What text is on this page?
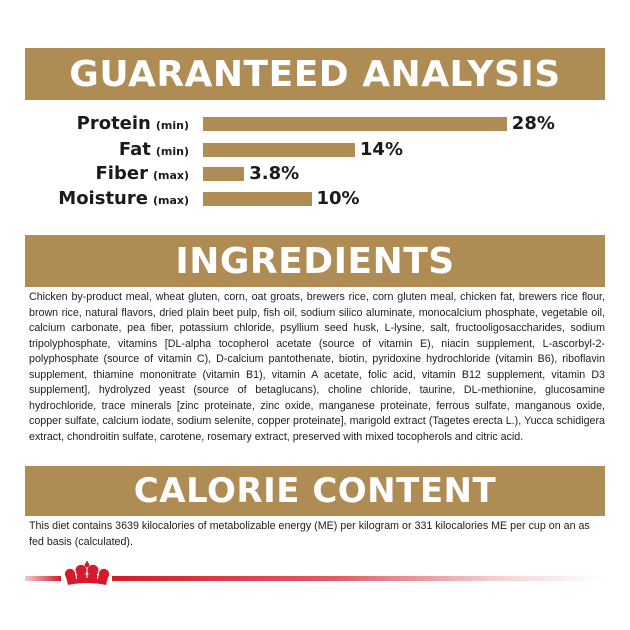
GUARANTEED ANALYSIS
Protein (min)	28%
Fat (min)	14%
Fiber (max)	3.8%
Moisture (max)	10%
INGREDIENTS

Chicken by-product meal, wheat gluten, corn, oat groats, brewers rice, corn gluten meal, chicken fat, brewers rice flour, brown rice, natural flavors, dried plain beet pulp, fish oil, sodium silico aluminate, monocalcium phosphate, vegetable oil, calcium carbonate, pea fiber, potassium chloride, psyllium seed husk, L-lysine, salt, fructooligosaccharides, sodium tripolyphosphate, vitamins [DL-alpha tocopherol acetate (source of vitamin E), niacin supplement, L-ascorbyl-2-polyphosphate (source of vitamin C), D-calcium pantothenate, biotin, pyridoxine hydrochloride (vitamin B6), riboflavin supplement, thiamine mononitrate (vitamin B1), vitamin A acetate, folic acid, vitamin B12 supplement, vitamin D3 supplement], hydrolyzed yeast (source of betaglucans), choline chloride, taurine, DL-methionine, glucosamine hydrochloride, trace minerals [zinc proteinate, zinc oxide, manganese proteinate, ferrous sulfate, manganous oxide, copper sulfate, calcium iodate, sodium selenite, copper proteinate], marigold extract (Tagetes erecta L.), Yucca schidigera extract, chondroitin sulfate, carotene, rosemary extract, preserved with mixed tocopherols and citric acid.

CALORIE CONTENT

This diet contains 3639 kilocalories of metabolizable energy (ME) per kilogram or 331 kilocalories ME per cup on an as fed basis (calculated).
